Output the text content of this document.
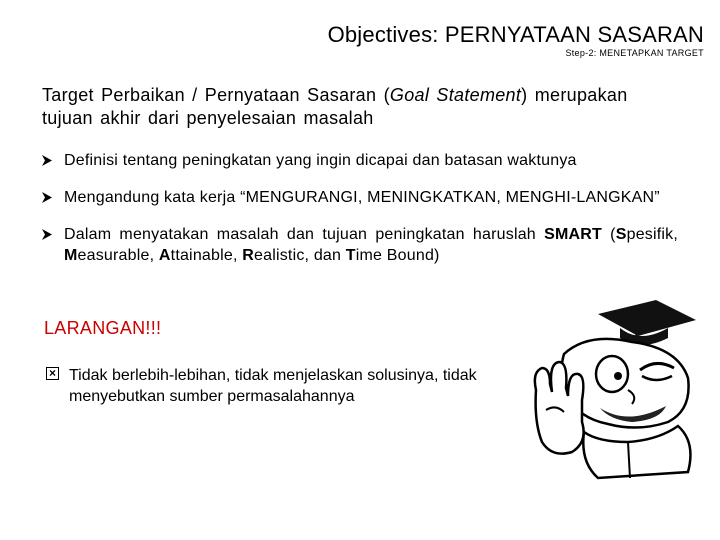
Objectives: PERNYATAAN SASARAN
Step-2: MENETAPKAN TARGET
Target Perbaikan / Pernyataan Sasaran (Goal Statement) merupakan tujuan akhir dari penyelesaian masalah
Definisi tentang peningkatan yang ingin dicapai dan batasan waktunya
Mengandung kata kerja “MENGURANGI, MENINGKATKAN, MENGHI-LANGKAN”
Dalam menyatakan masalah dan tujuan peningkatan haruslah SMART (Spesifik, Measurable, Attainable, Realistic, dan Time Bound)
LARANGAN!!!
× Tidak berlebih-lebihan, tidak menjelaskan solusinya, tidak menyebutkan sumber permasalahannya
